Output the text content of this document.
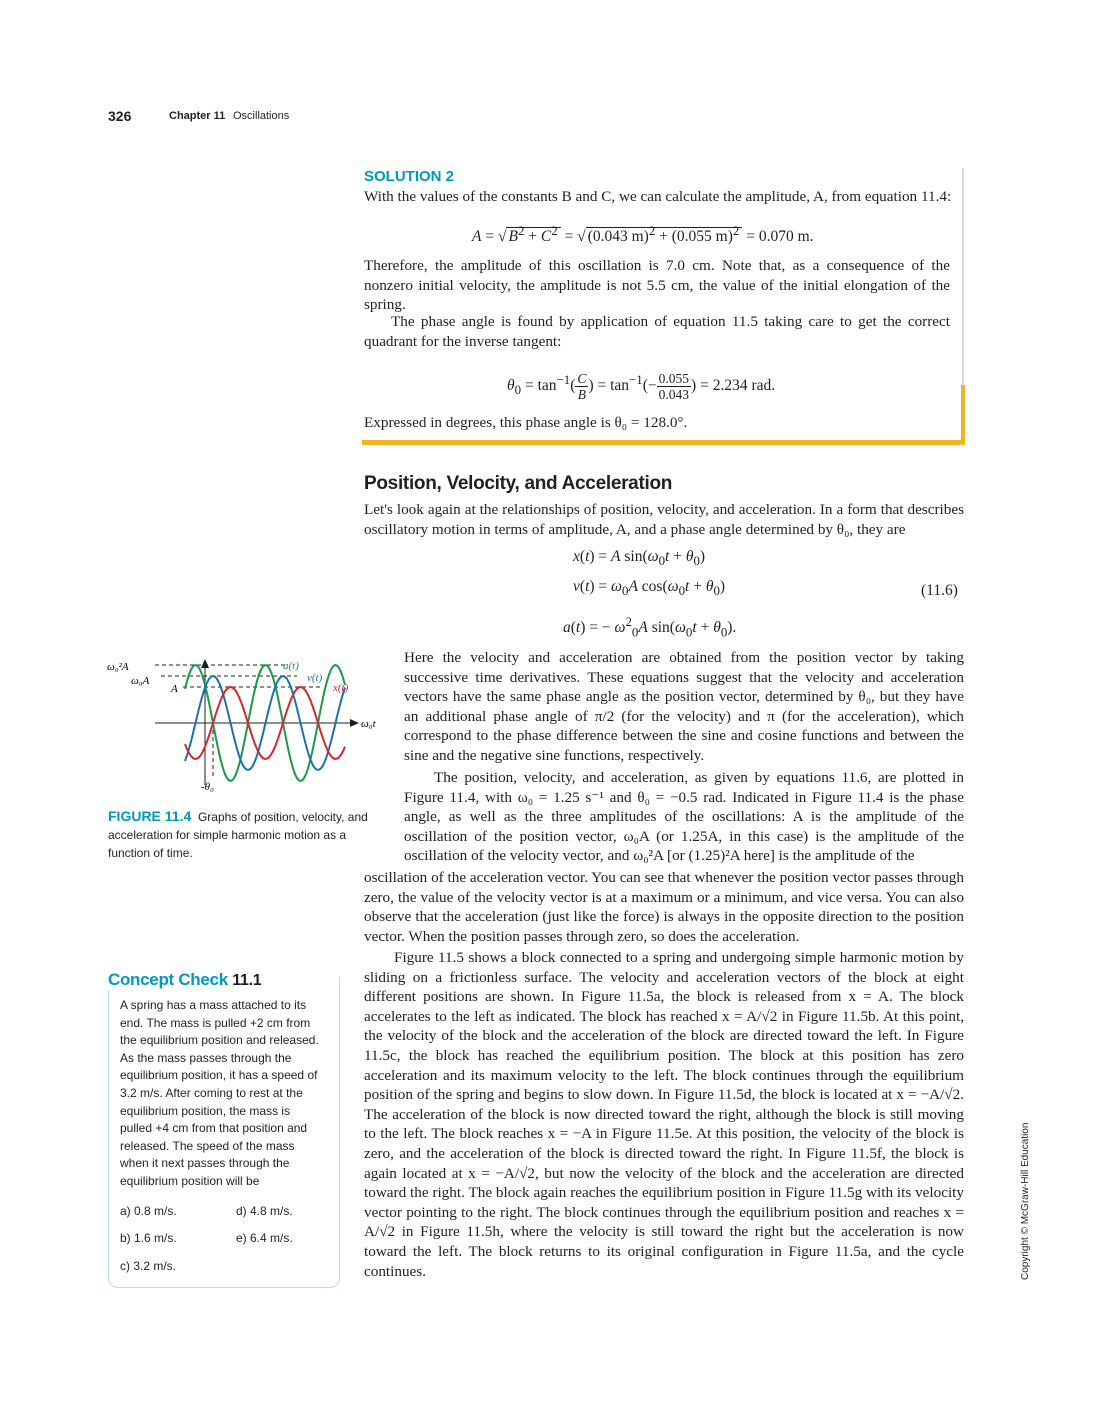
326	Chapter 11 Oscillations
SOLUTION 2
With the values of the constants B and C, we can calculate the amplitude, A, from equation 11.4:
A = √ $B^2 + C^2$ = √ (0.043 m)$^2$ + (0.055 m)$^2$ = 0.070 m.
Therefore, the amplitude of this oscillation is 7.0 cm. Note that, as a consequence of the nonzero initial velocity, the amplitude is not 5.5 cm, the value of the initial elongation of the spring.
The phase angle is found by application of equation 11.5 taking care to get the correct quadrant for the inverse tangent:
$\theta_0 = \tan^{-1}( \frac{C}{B}$ ) = $\tan^{-1}(- \frac{0.055}{0.043}$ ) = 2.234 rad.
Expressed in degrees, this phase angle is θ₀ = 128.0°.
Position, Velocity, and Acceleration
Let's look again at the relationships of position, velocity, and acceleration. In a form that describes oscillatory motion in terms of amplitude, A, and a phase angle determined by θ₀, they are
x(t) = A $\sin(\omega_0t + \theta_0)$
$v(t) = \omega_0A$ $\cos(\omega_0t + \theta_0)$
a(t) = − $\omega^2_0A$ $\sin(\omega_0t + \theta_0)$.
(11.6)
Here the velocity and acceleration are obtained from the position vector by taking successive time derivatives. These equations suggest that the velocity and acceleration vectors have the same phase angle as the position vector, determined by θ₀, but they have an additional phase angle of π/2 (for the velocity) and π (for the acceleration), which correspond to the phase difference between the sine and cosine functions and between the sine and the negative sine functions, respectively.
The position, velocity, and acceleration, as given by equations 11.6, are plotted in Figure 11.4, with ω₀ = 1.25 s⁻¹ and θ₀ = −0.5 rad. Indicated in Figure 11.4 is the phase angle, as well as the three amplitudes of the oscillations: A is the amplitude of the oscillation of the position vector, ω₀A (or 1.25A, in this case) is the amplitude of the oscillation of the velocity vector, and ω₀²A [or (1.25)²A here] is the amplitude of the
oscillation of the acceleration vector. You can see that whenever the position vector passes through zero, the value of the velocity vector is at a maximum or a minimum, and vice versa. You can also observe that the acceleration (just like the force) is always in the opposite direction to the position vector. When the position passes through zero, so does the acceleration.
Figure 11.5 shows a block connected to a spring and undergoing simple harmonic motion by sliding on a frictionless surface. The velocity and acceleration vectors of the block at eight different positions are shown. In Figure 11.5a, the block is released from x = A. The block accelerates to the left as indicated. The block has reached x = A/√2 in Figure 11.5b. At this point, the velocity of the block and the acceleration of the block are directed toward the left. In Figure 11.5c, the block has reached the equilibrium position. The block at this position has zero acceleration and its maximum velocity to the left. The block continues through the equilibrium position of the spring and begins to slow down. In Figure 11.5d, the block is located at x = −A/√2. The acceleration of the block is now directed toward the right, although the block is still moving to the left. The block reaches x = −A in Figure 11.5e. At this position, the velocity of the block is zero, and the acceleration of the block is directed toward the right. In Figure 11.5f, the block is again located at x = −A/√2, but now the velocity of the block and the acceleration are directed toward the right. The block again reaches the equilibrium position in Figure 11.5g with its velocity vector pointing to the right. The block continues through the equilibrium position and reaches x = A/√2 in Figure 11.5h, where the velocity is still toward the right but the acceleration is now toward the left. The block returns to its original configuration in Figure 11.5a, and the cycle continues.
ω₀²A
ω₀A
A
a(t)
v(t)
x(t)
ω₀t
-θ₀
FIGURE 11.4 Graphs of position, velocity, and acceleration for simple harmonic motion as a function of time.
Concept Check 11.1
A spring has a mass attached to its end. The mass is pulled +2 cm from the equilibrium position and released. As the mass passes through the equilibrium position, it has a speed of 3.2 m/s. After coming to rest at the equilibrium position, the mass is pulled +4 cm from that position and released. The speed of the mass when it next passes through the equilibrium position will be
a) 0.8 m/s.
b) 1.6 m/s.
c) 3.2 m/s.
d) 4.8 m/s.
e) 6.4 m/s.	Copyright © McGraw-Hill Education
